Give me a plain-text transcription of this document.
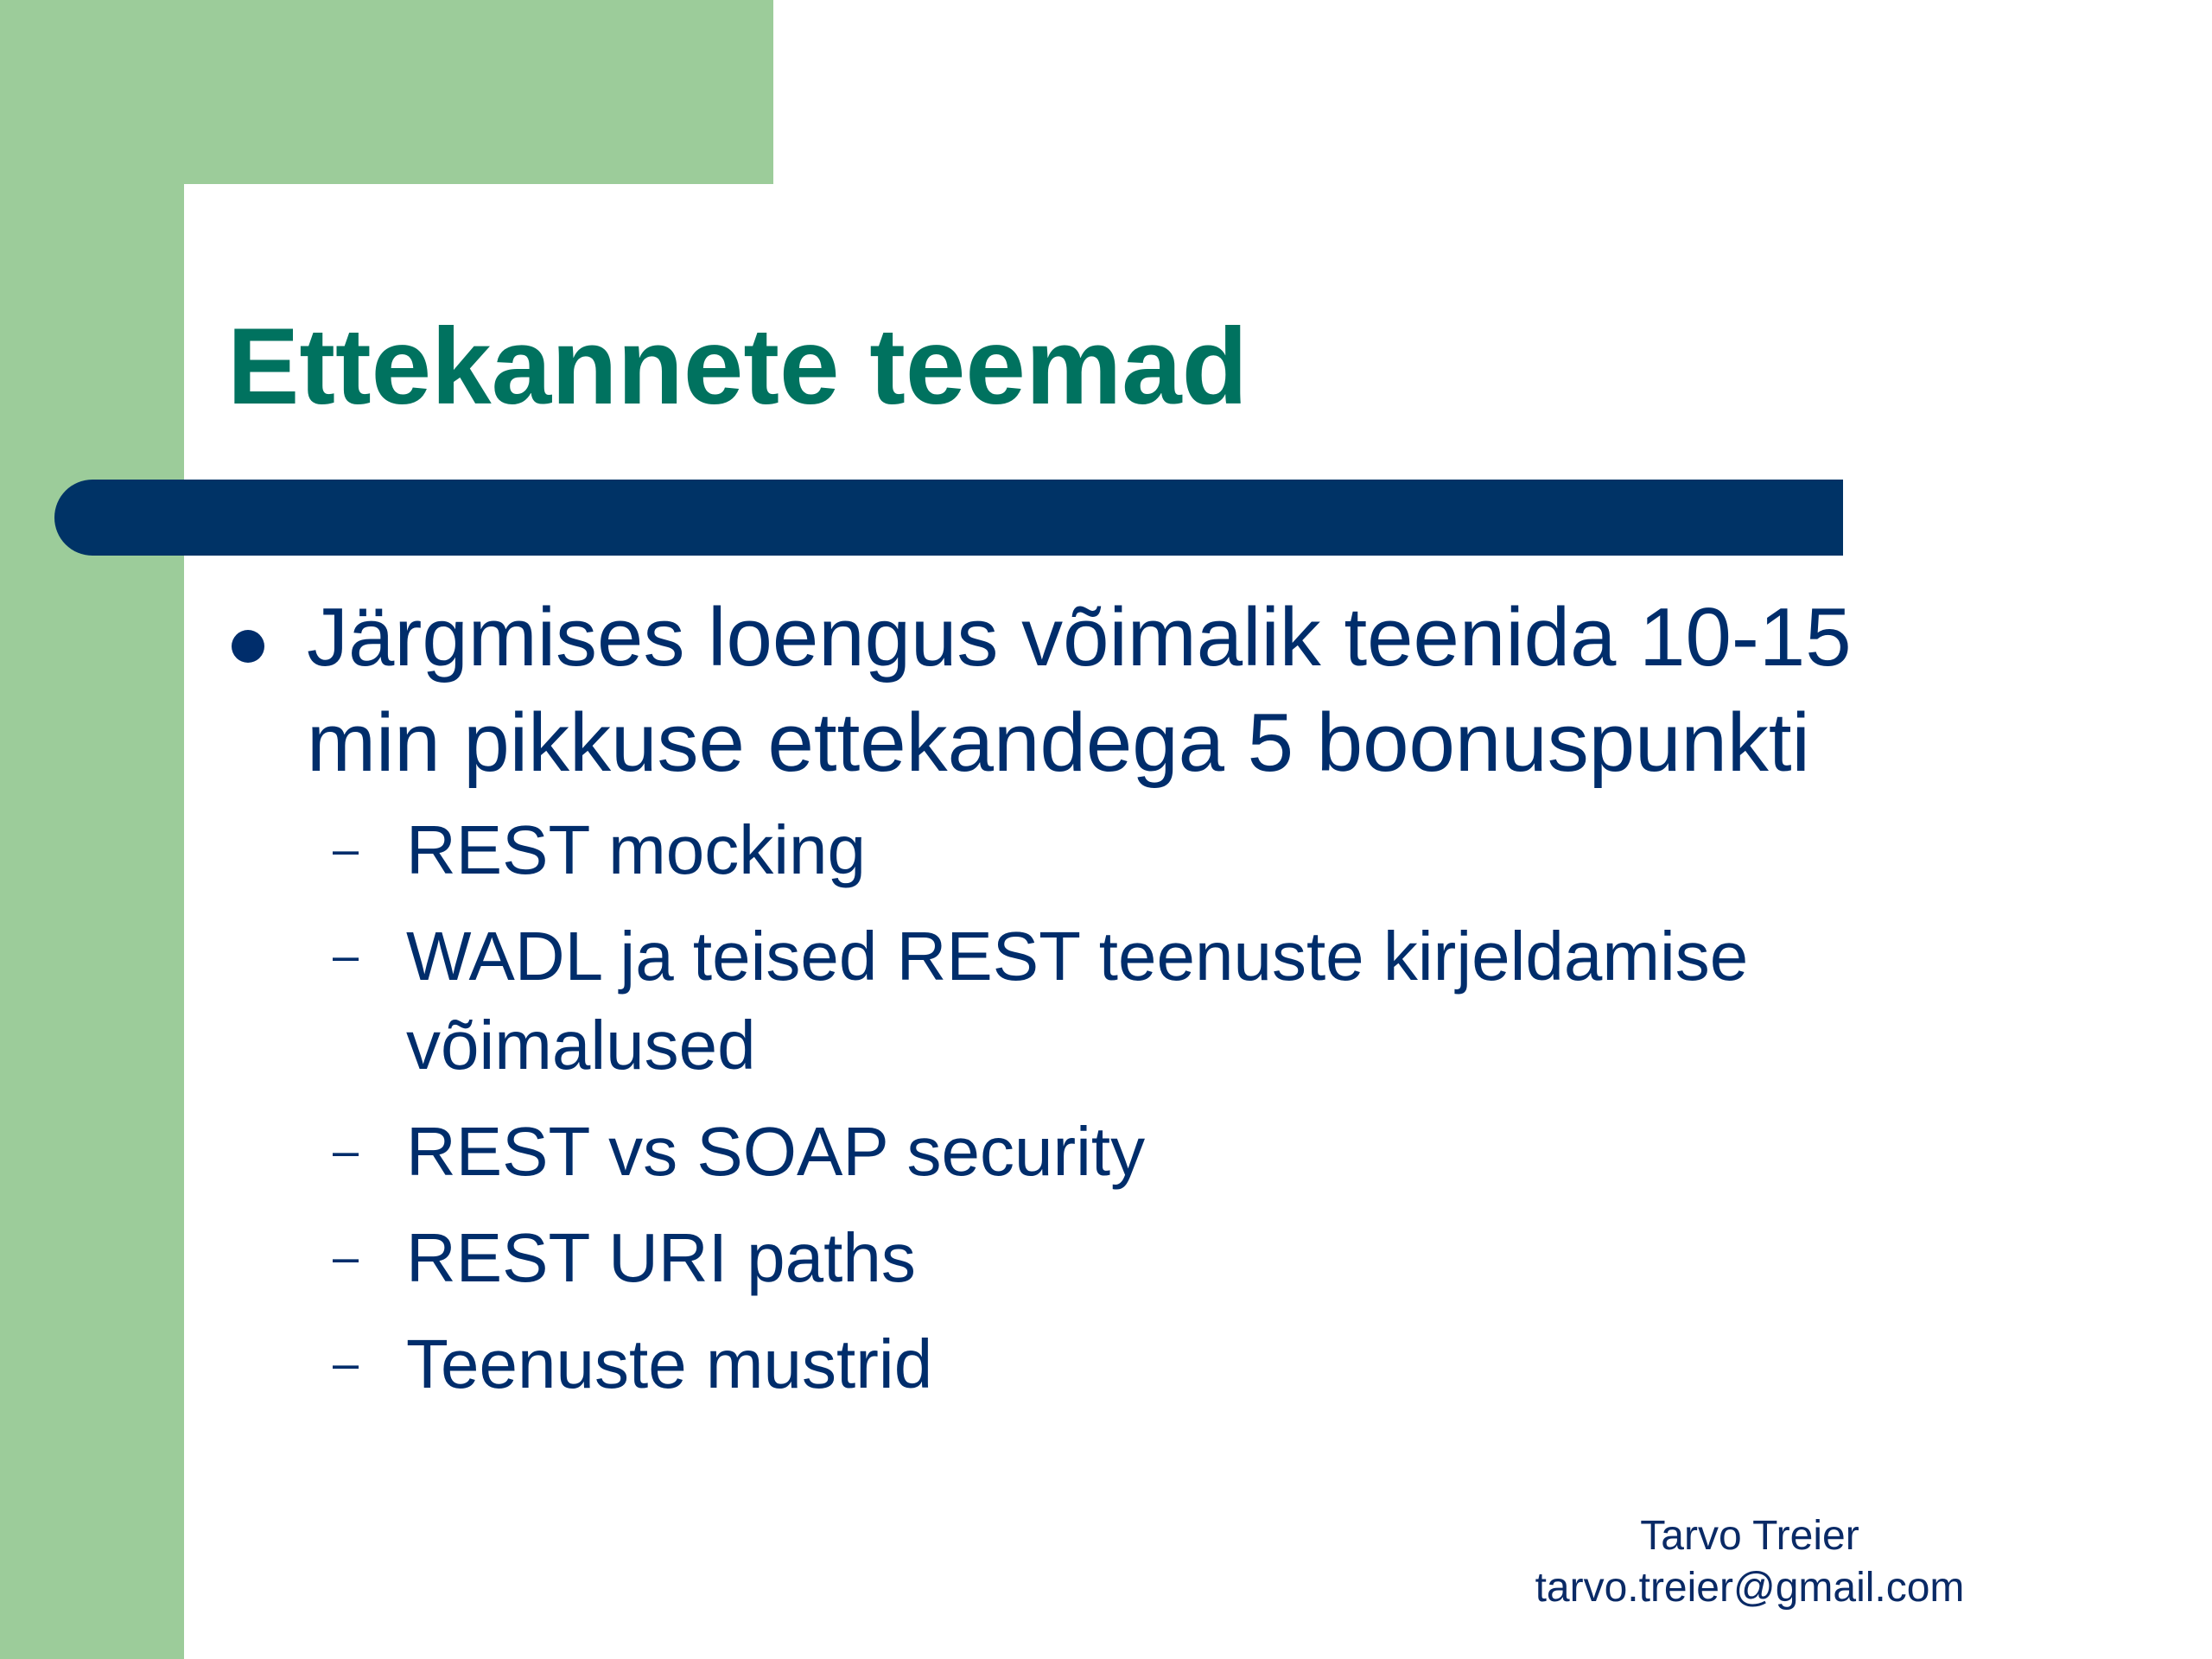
Ettekannete teemad

Järgmises loengus võimalik teenida 10-15 min pikkuse ettekandega 5 boonuspunkti

– REST mocking
– WADL ja teised REST teenuste kirjeldamise võimalused
– REST vs SOAP security
– REST URI paths
– Teenuste mustrid
Tarvo Treier
tarvo.treier@gmail.com
